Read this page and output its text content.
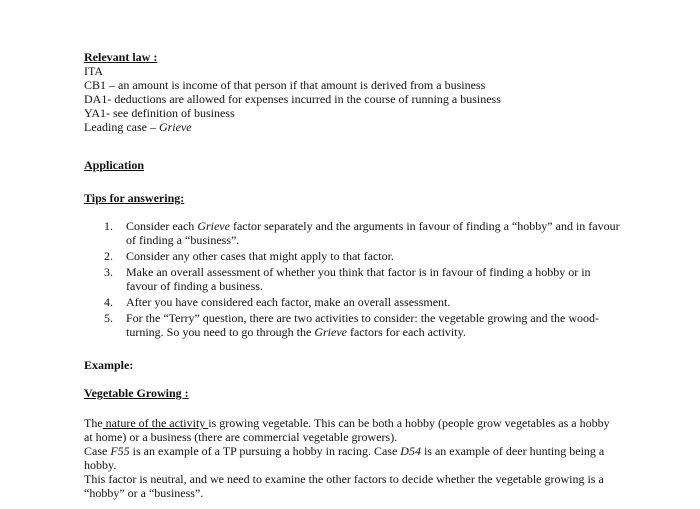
Relevant law :
ITA
CB1 – an amount is income of that person if that amount is derived from a business
DA1- deductions are allowed for expenses incurred in the course of running a business
YA1- see definition of business
Leading case – Grieve
Application
Tips for answering:
1.	Consider each Grieve factor separately and the arguments in favour of finding a “hobby” and in favour of finding a “business”.
2.	Consider any other cases that might apply to that factor.
3.	Make an overall assessment of whether you think that factor is in favour of finding a hobby or in favour of finding a business.
4.	After you have considered each factor, make an overall assessment.
5.	For the “Terry” question, there are two activities to consider: the vegetable growing and the wood-turning. So you need to go through the Grieve factors for each activity.
Example:
Vegetable Growing :
The nature of the activity is growing vegetable. This can be both a hobby (people grow vegetables as a hobby at home) or a business (there are commercial vegetable growers).
Case F55 is an example of a TP pursuing a hobby in racing. Case D54 is an example of deer hunting being a hobby.
This factor is neutral, and we need to examine the other factors to decide whether the vegetable growing is a “hobby” or a “business”.
